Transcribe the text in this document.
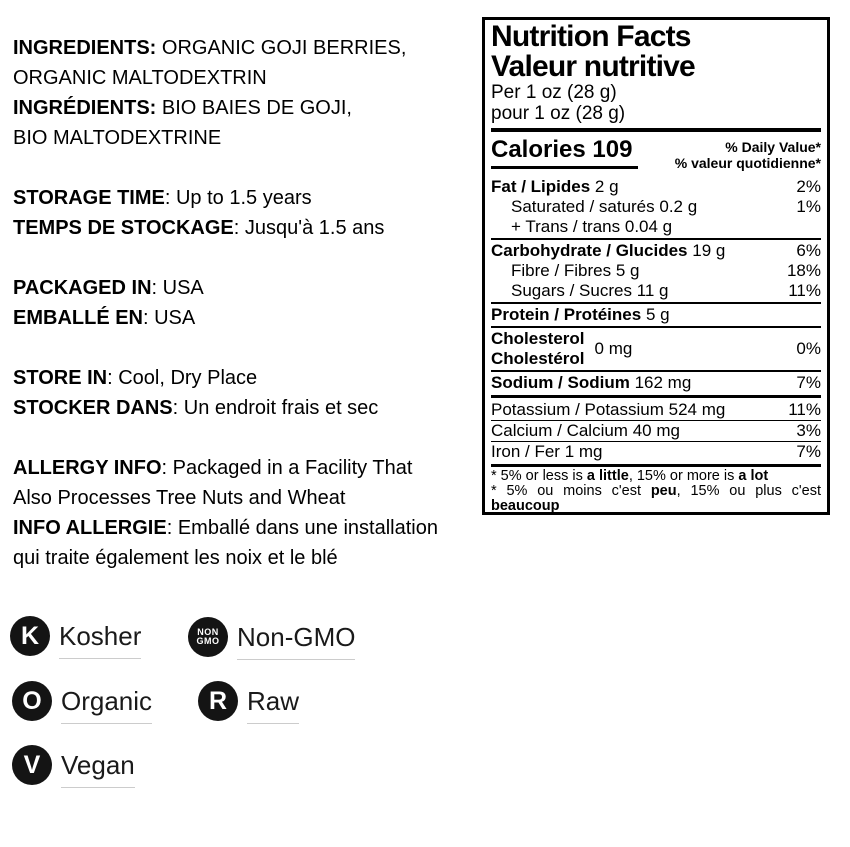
INGREDIENTS: ORGANIC GOJI BERRIES,
ORGANIC MALTODEXTRIN
INGRÉDIENTS: BIO BAIES DE GOJI,
BIO MALTODEXTRINE
STORAGE TIME: Up to 1.5 years
TEMPS DE STOCKAGE: Jusqu'à 1.5 ans
PACKAGED IN: USA
EMBALLÉ EN: USA
STORE IN: Cool, Dry Place
STOCKER DANS: Un endroit frais et sec
ALLERGY INFO: Packaged in a Facility That
Also Processes Tree Nuts and Wheat
INFO ALLERGIE: Emballé dans une installation
qui traite également les noix et le blé
Nutrition Facts
Valeur nutritive
Per 1 oz (28 g)
pour 1 oz (28 g)
Calories 109	% Daily Value*
% valeur quotidienne*
Fat / Lipides 2 g	2%
Saturated / saturés 0.2 g	1%
+ Trans / trans 0.04 g
Carbohydrate / Glucides 19 g	6%
Fibre / Fibres 5 g	18%
Sugars / Sucres 11 g	11%
Protein / Protéines 5 g
Cholesterol
Cholestérol
0 mg	0%
Sodium / Sodium 162 mg	7%
Potassium / Potassium 524 mg	11%
Calcium / Calcium 40 mg	3%
Iron / Fer 1 mg	7%
* 5% or less is a little, 15% or more is a lot
* 5% ou moins c'est peu, 15% ou plus c'est
beaucoup
K Kosher	NON
GMO Non-GMO
O Organic R Raw
V Vegan
